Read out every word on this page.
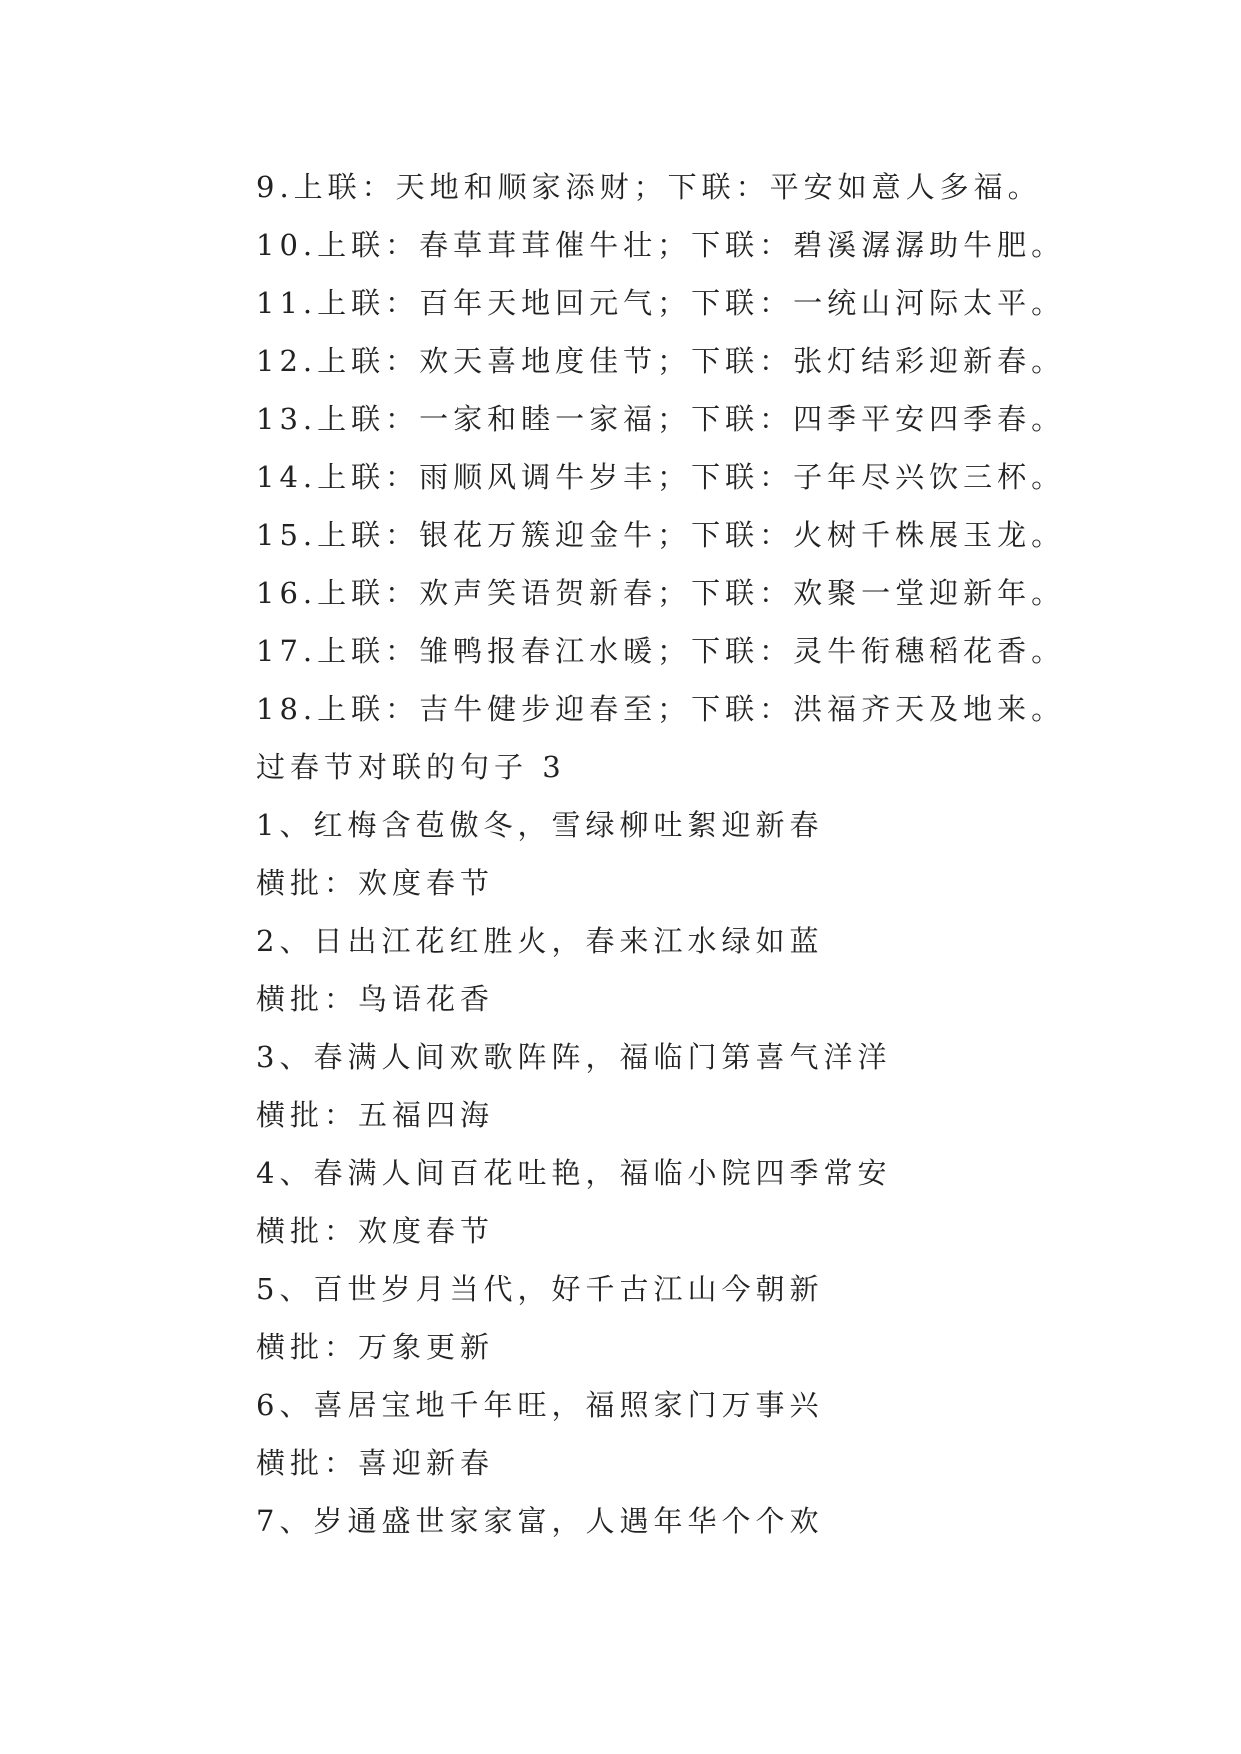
9.上联：天地和顺家添财；下联：平安如意人多福。
10.上联：春草茸茸催牛壮；下联：碧溪潺潺助牛肥。
11.上联：百年天地回元气；下联：一统山河际太平。
12.上联：欢天喜地度佳节；下联：张灯结彩迎新春。
13.上联：一家和睦一家福；下联：四季平安四季春。
14.上联：雨顺风调牛岁丰；下联：子年尽兴饮三杯。
15.上联：银花万簇迎金牛；下联：火树千株展玉龙。
16.上联：欢声笑语贺新春；下联：欢聚一堂迎新年。
17.上联：雏鸭报春江水暖；下联：灵牛衔穗稻花香。
18.上联：吉牛健步迎春至；下联：洪福齐天及地来。
过春节对联的句子 3
1、红梅含苞傲冬，雪绿柳吐絮迎新春
横批：欢度春节
2、日出江花红胜火，春来江水绿如蓝
横批：鸟语花香
3、春满人间欢歌阵阵，福临门第喜气洋洋
横批：五福四海
4、春满人间百花吐艳，福临小院四季常安
横批：欢度春节
5、百世岁月当代，好千古江山今朝新
横批：万象更新
6、喜居宝地千年旺，福照家门万事兴
横批：喜迎新春
7、岁通盛世家家富，人遇年华个个欢
